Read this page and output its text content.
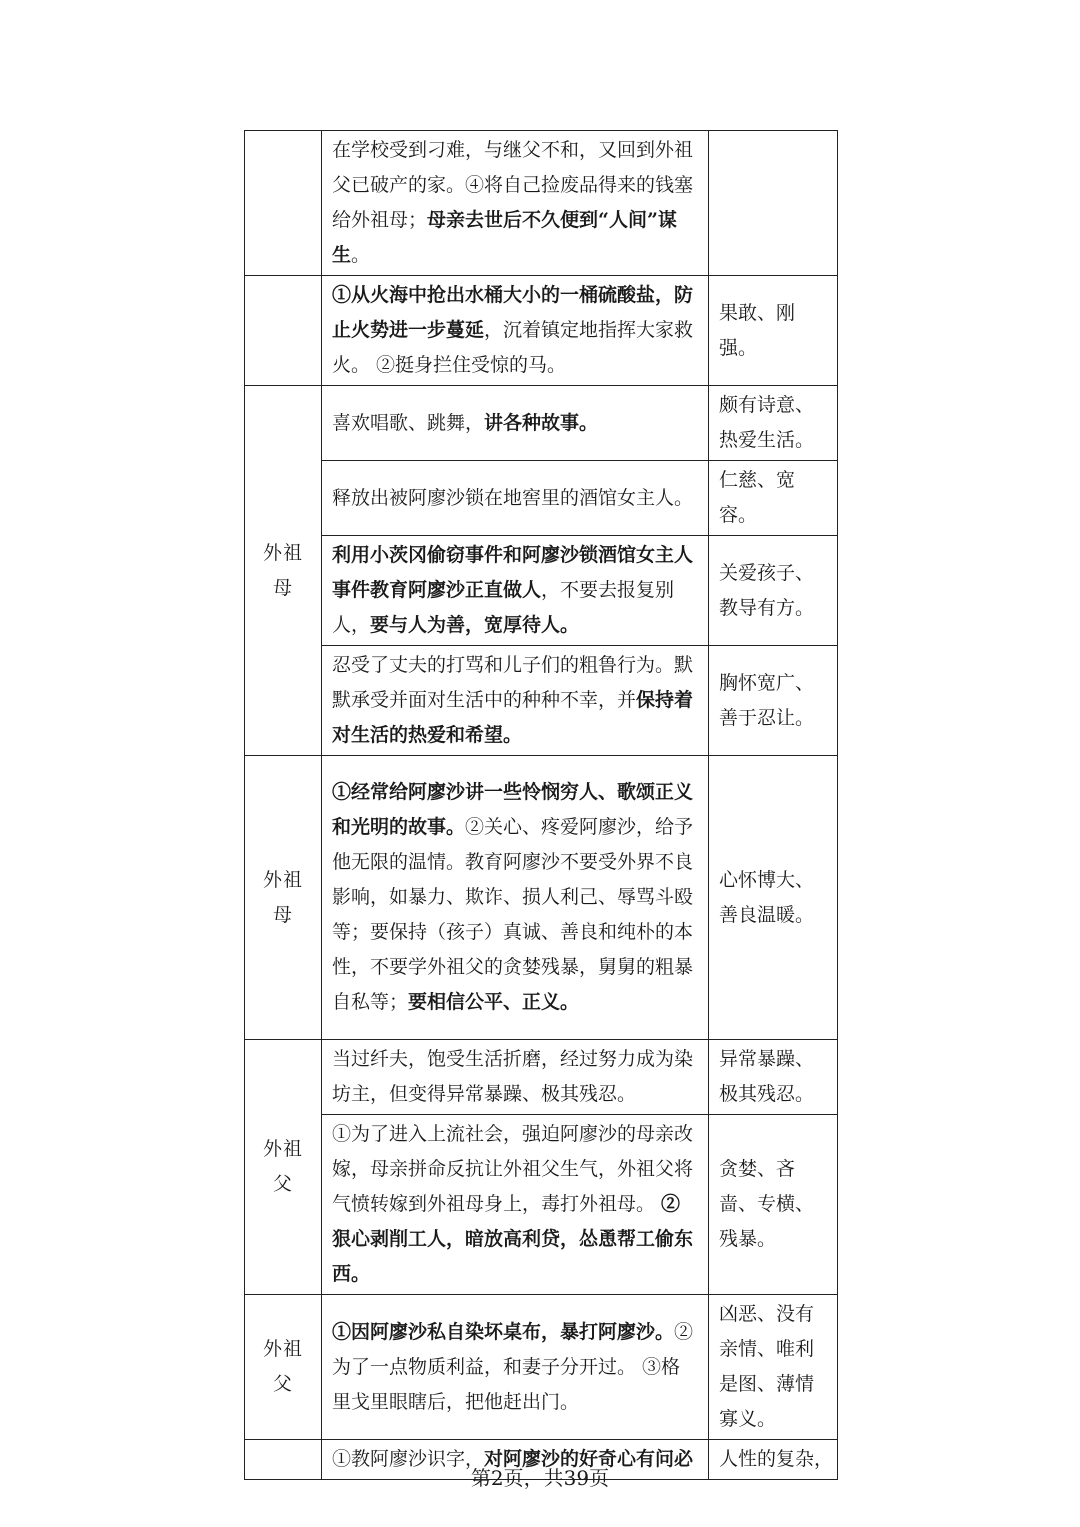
	在学校受到刁难，与继父不和，又回到外祖父已破产的家。④将自己捡废品得来的钱塞给外祖母；母亲去世后不久便到“人间”谋生。	
	①从火海中抢出水桶大小的一桶硫酸盐，防止火势进一步蔓延，沉着镇定地指挥大家救火。 ②挺身拦住受惊的马。	果敢、刚强。
外祖母	喜欢唱歌、跳舞，讲各种故事。	颇有诗意、热爱生活。
	释放出被阿廖沙锁在地窖里的酒馆女主人。	仁慈、宽容。
	利用小茨冈偷窃事件和阿廖沙锁酒馆女主人事件教育阿廖沙正直做人，不要去报复别人，要与人为善，宽厚待人。	关爱孩子、教导有方。
	忍受了丈夫的打骂和儿子们的粗鲁行为。默默承受并面对生活中的种种不幸，并保持着对生活的热爱和希望。	胸怀宽广、善于忍让。
外祖母	①经常给阿廖沙讲一些怜悯穷人、歌颂正义和光明的故事。②关心、疼爱阿廖沙，给予他无限的温情。教育阿廖沙不要受外界不良影响，如暴力、欺诈、损人利己、辱骂斗殴等；要保持（孩子）真诚、善良和纯朴的本性，不要学外祖父的贪婪残暴，舅舅的粗暴自私等；要相信公平、正义。	心怀博大、善良温暖。
外祖父	当过纤夫，饱受生活折磨，经过努力成为染坊主，但变得异常暴躁、极其残忍。	异常暴躁、极其残忍。
	①为了进入上流社会，强迫阿廖沙的母亲改嫁，母亲拼命反抗让外祖父生气，外祖父将气愤转嫁到外祖母身上，毒打外祖母。 ②狠心剥削工人，暗放高利贷，怂恿帮工偷东西。	贪婪、吝啬、专横、残暴。
外祖父	①因阿廖沙私自染坏桌布，暴打阿廖沙。②为了一点物质利益，和妻子分开过。 ③格里戈里眼瞎后，把他赶出门。	凶恶、没有亲情、唯利是图、薄情寡义。
	①教阿廖沙识字，对阿廖沙的好奇心有问必	人性的复杂，
第2页，共39页
